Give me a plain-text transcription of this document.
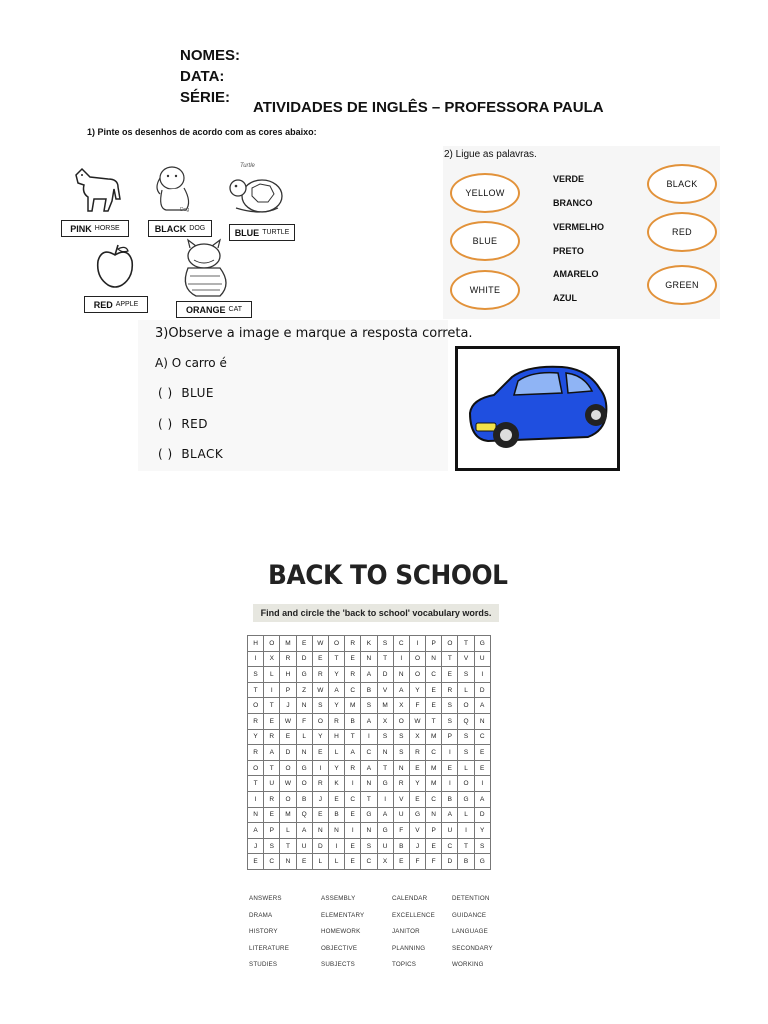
NOMES:
DATA:
SÉRIE:
ATIVIDADES DE INGLÊS – PROFESSORA PAULA
1) Pinte os desenhos de acordo com as cores abaixo:
PINK HORSE
Dog
BLACK DOG
Turtle
BLUE TURTLE
RED APPLE	ORANGE CAT
2) Ligue as palavras.
YELLOW
BLUE
WHITE
VERDE
BRANCO
VERMELHO
PRETO
AMARELO
AZUL
BLACK
RED
GREEN
3)Observe a image e marque a resposta correta.
A) O carro é
( ) BLUE
( ) RED
( ) BLACK
BACK TO SCHOOL
Find and circle the 'back to school' vocabulary words.
H	O	M	E	W	O	R	K	S	C	I	P	O	T	G
I	X	R	D	E	T	E	N	T	I	O	N	T	V	U
S	L	H	G	R	Y	R	A	D	N	O	C	E	S	I
T	I	P	Z	W	A	C	B	V	A	Y	E	R	L	D
O	T	J	N	S	Y	M	S	M	X	F	E	S	O	A
R	E	W	F	O	R	B	A	X	O	W	T	S	Q	N
Y	R	E	L	Y	H	T	I	S	S	X	M	P	S	C
R	A	D	N	E	L	A	C	N	S	R	C	I	S	E
O	T	O	G	I	Y	R	A	T	N	E	M	E	L	E
T	U	W	O	R	K	I	N	G	R	Y	M	I	O	I
I	R	O	B	J	E	C	T	I	V	E	C	B	G	A
N	E	M	Q	E	B	E	G	A	U	G	N	A	L	D
A	P	L	A	N	N	I	N	G	F	V	P	U	I	Y
J	S	T	U	D	I	E	S	U	B	J	E	C	T	S
E	C	N	E	L	L	E	C	X	E	F	F	D	B	G
ANSWERS	ASSEMBLY	CALENDAR	DETENTION
DRAMA	ELEMENTARY	EXCELLENCE	GUIDANCE
HISTORY	HOMEWORK	JANITOR	LANGUAGE
LITERATURE	OBJECTIVE	PLANNING	SECONDARY
STUDIES	SUBJECTS	TOPICS	WORKING
